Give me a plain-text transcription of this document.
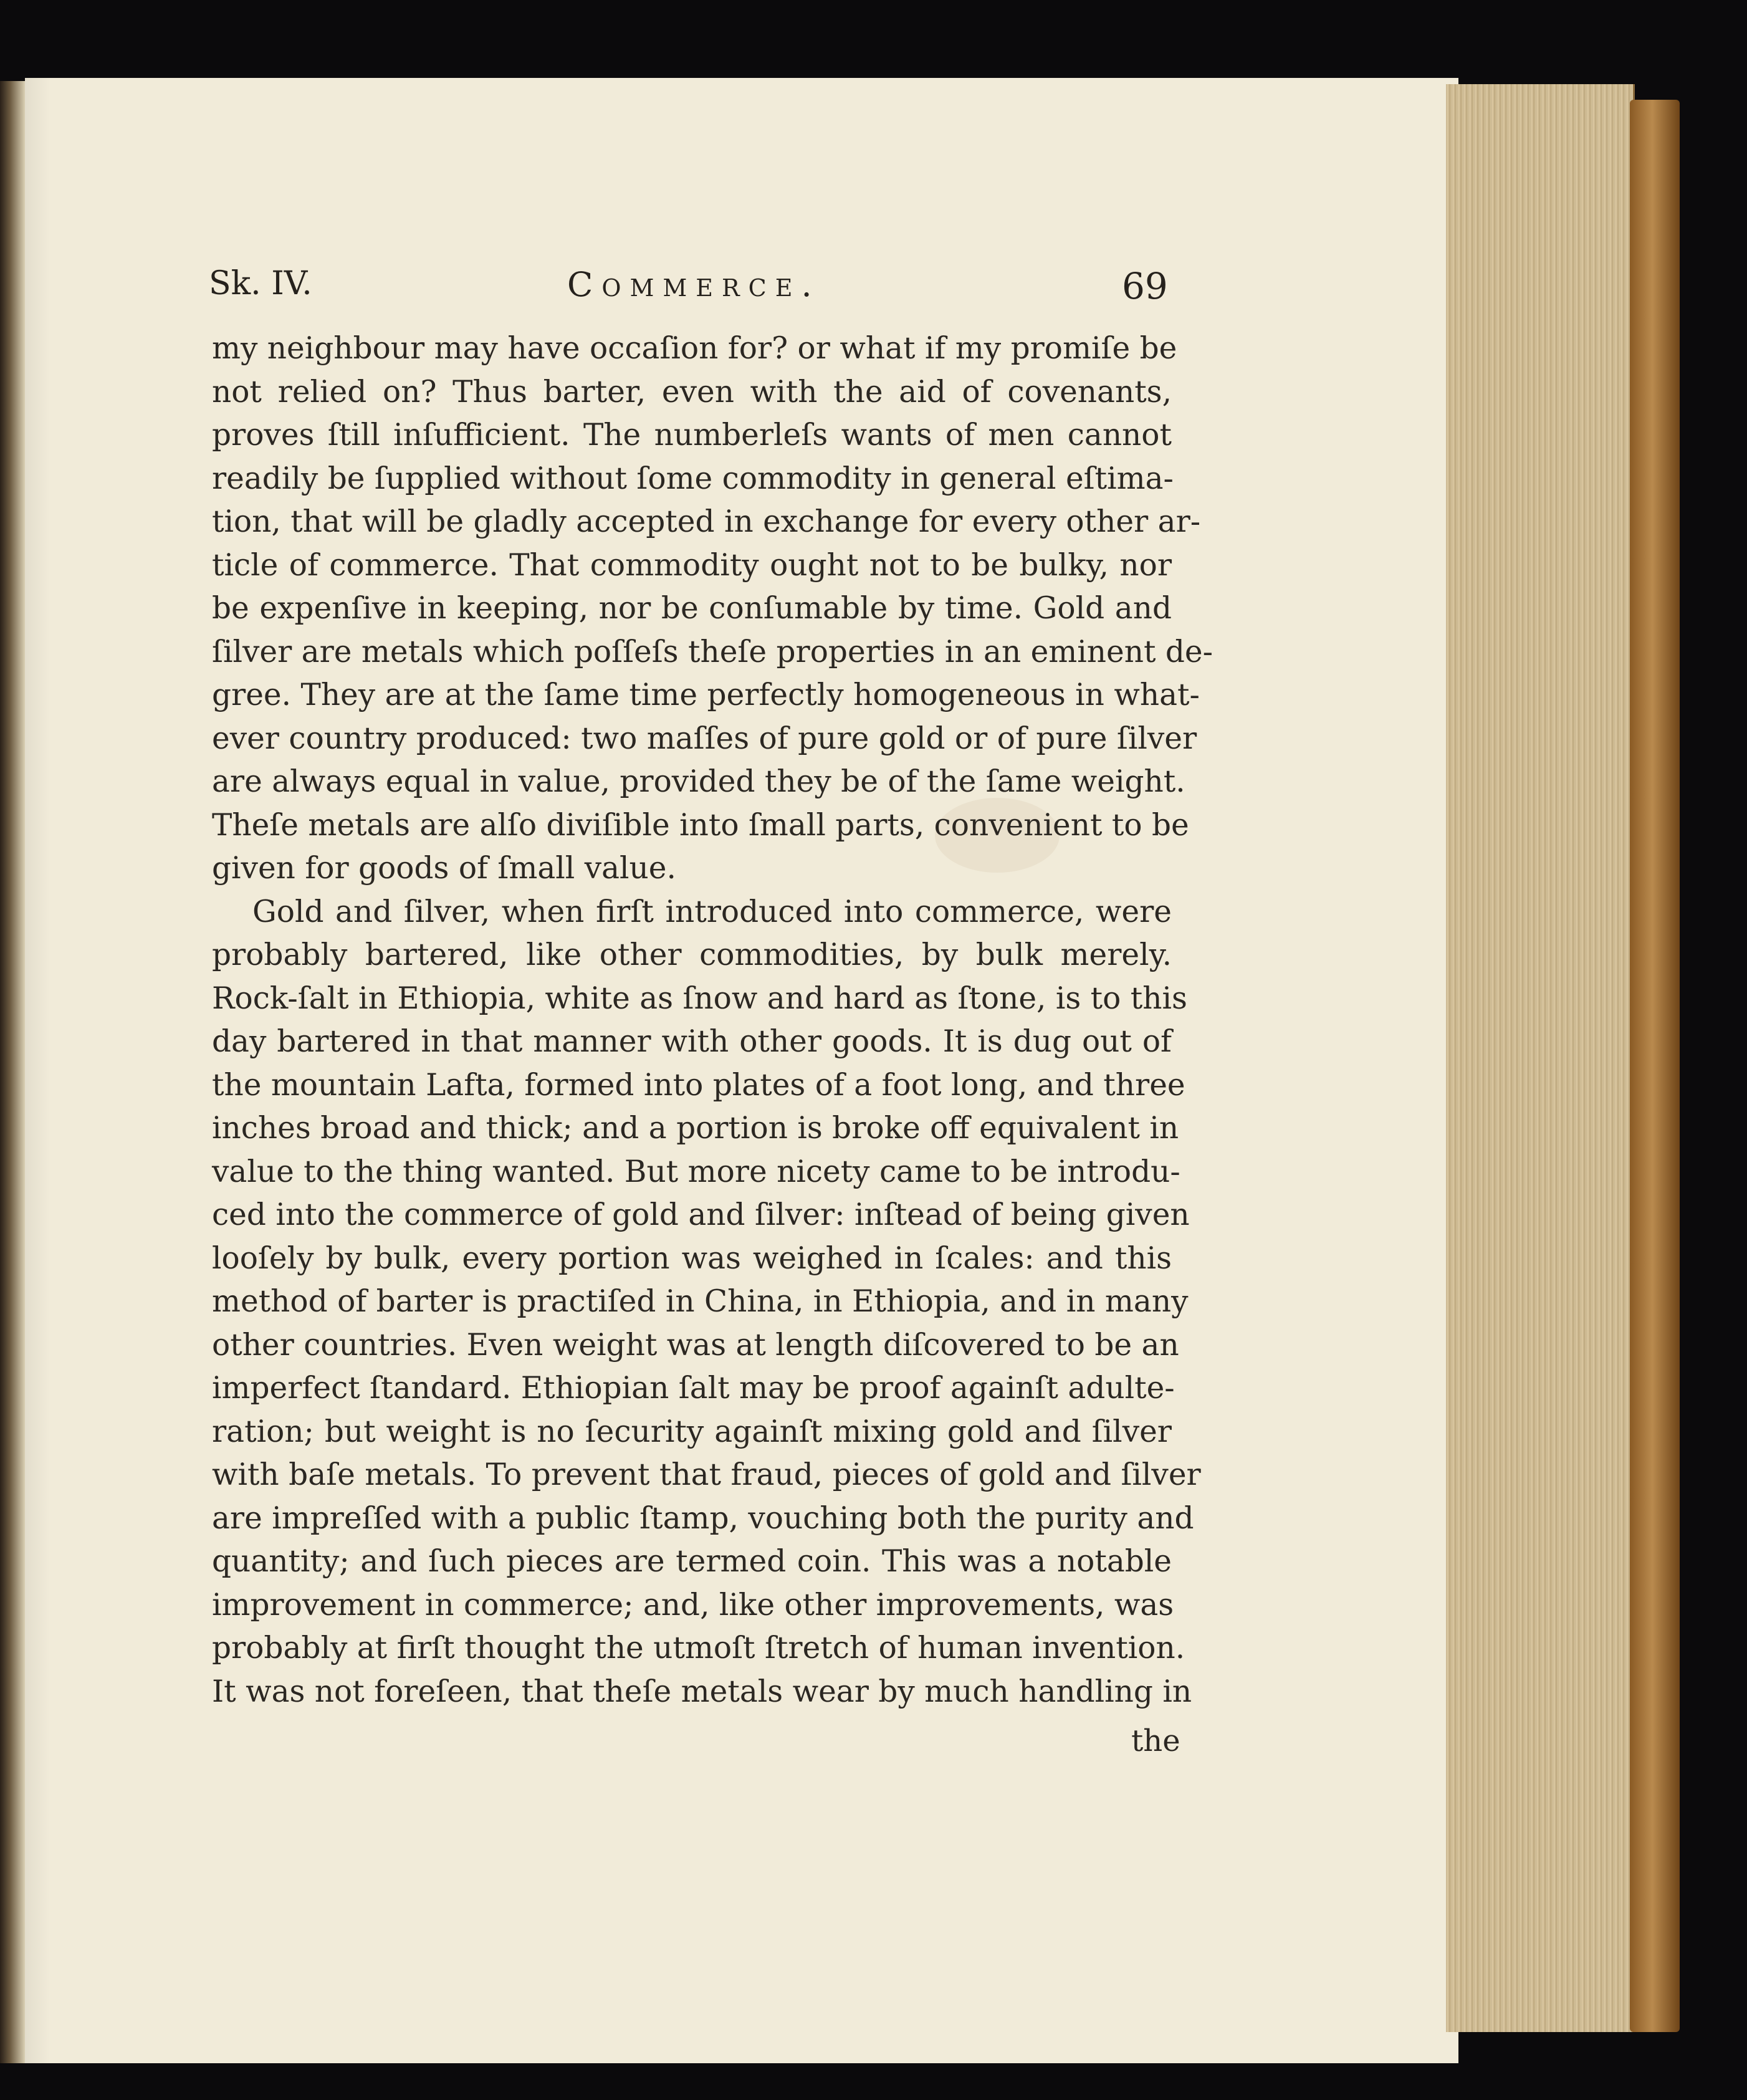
Sk. IV.	Commerce.	69
my neighbour may have occaſion for? or what if my promiſe be
not relied on? Thus barter, even with the aid of covenants,
proves ſtill inſufficient. The numberleſs wants of men cannot
readily be ſupplied without ſome commodity in general eſtima-
tion, that will be gladly accepted in exchange for every other ar-
ticle of commerce. That commodity ought not to be bulky, nor
be expenſive in keeping, nor be conſumable by time. Gold and
ſilver are metals which poſſeſs theſe properties in an eminent de-
gree. They are at the ſame time perfectly homogeneous in what-
ever country produced: two maſſes of pure gold or of pure ſilver
are always equal in value, provided they be of the ſame weight.
Theſe metals are alſo diviſible into ſmall parts, convenient to be
given for goods of ſmall value.
Gold and ſilver, when firſt introduced into commerce, were
probably bartered, like other commodities, by bulk merely.
Rock-ſalt in Ethiopia, white as ſnow and hard as ſtone, is to this
day bartered in that manner with other goods. It is dug out of
the mountain Lafta, formed into plates of a foot long, and three
inches broad and thick; and a portion is broke off equivalent in
value to the thing wanted. But more nicety came to be introdu-
ced into the commerce of gold and ſilver: inſtead of being given
looſely by bulk, every portion was weighed in ſcales: and this
method of barter is practiſed in China, in Ethiopia, and in many
other countries. Even weight was at length diſcovered to be an
imperfect ſtandard. Ethiopian ſalt may be proof againſt adulte-
ration; but weight is no ſecurity againſt mixing gold and ſilver
with baſe metals. To prevent that fraud, pieces of gold and ſilver
are impreſſed with a public ſtamp, vouching both the purity and
quantity; and ſuch pieces are termed coin. This was a notable
improvement in commerce; and, like other improvements, was
probably at firſt thought the utmoſt ſtretch of human invention.
It was not foreſeen, that theſe metals wear by much handling in
the
